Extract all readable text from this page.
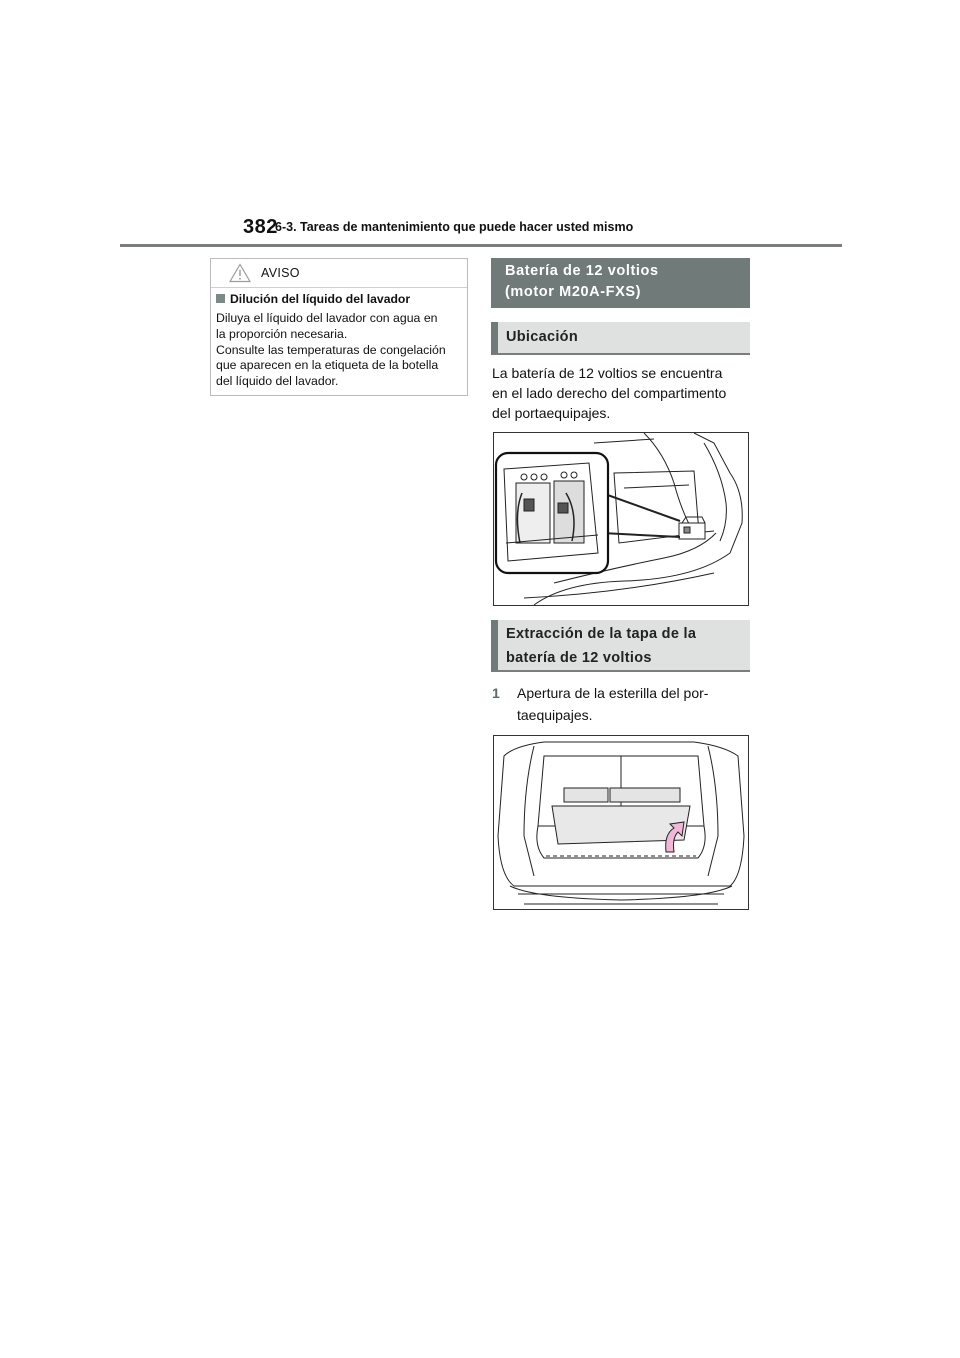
382
6-3. Tareas de mantenimiento que puede hacer usted mismo
AVISO
Dilución del líquido del lavador

Diluya el líquido del lavador con agua en

la proporción necesaria.

Consulte las temperaturas de congelación

que aparecen en la etiqueta de la botella

del líquido del lavador.

Batería de 12 voltios
(motor M20A-FXS)
Ubicación
La batería de 12 voltios se encuentra
en el lado derecho del compartimento
del portaequipajes.
Extracción de la tapa de la
batería de 12 voltios
1 Apertura de la esterilla del por-
taequipajes.
